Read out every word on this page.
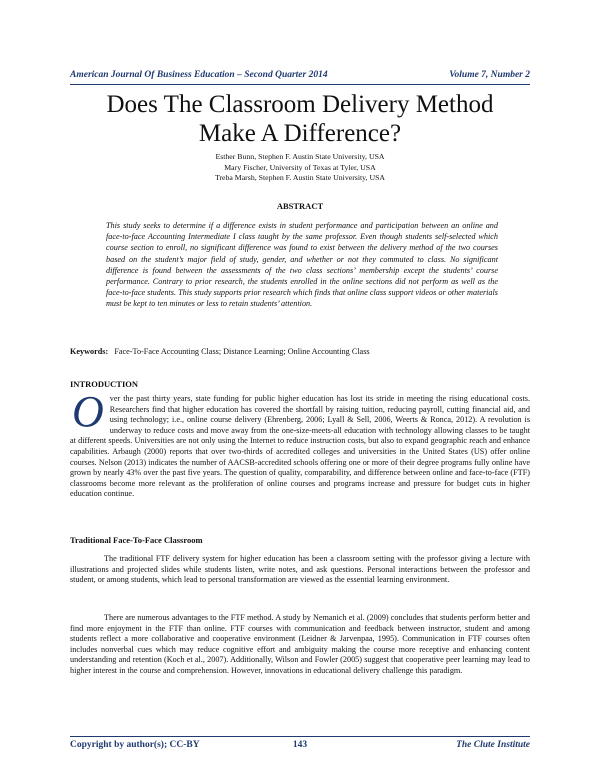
American Journal Of Business Education – Second Quarter 2014	Volume 7, Number 2
Does The Classroom Delivery Method
Make A Difference?
Esther Bunn, Stephen F. Austin State University, USA
Mary Fischer, University of Texas at Tyler, USA
Treba Marsh, Stephen F. Austin State University, USA
ABSTRACT
This study seeks to determine if a difference exists in student performance and participation between an online and face-to-face Accounting Intermediate I class taught by the same professor. Even though students self-selected which course section to enroll, no significant difference was found to exist between the delivery method of the two courses based on the student’s major field of study, gender, and whether or not they commuted to class. No significant difference is found between the assessments of the two class sections’ membership except the students’ course performance. Contrary to prior research, the students enrolled in the online sections did not perform as well as the face-to-face students. This study supports prior research which finds that online class support videos or other materials must be kept to ten minutes or less to retain students’ attention.
Keywords: Face-To-Face Accounting Class; Distance Learning; Online Accounting Class
INTRODUCTION
Over the past thirty years, state funding for public higher education has lost its stride in meeting the rising educational costs. Researchers find that higher education has covered the shortfall by raising tuition, reducing payroll, cutting financial aid, and using technology; i.e., online course delivery (Ehrenberg, 2006; Lyall & Sell, 2006, Weerts & Ronca, 2012). A revolution is underway to reduce costs and move away from the one-size-meets-all education with technology allowing classes to be taught at different speeds. Universities are not only using the Internet to reduce instruction costs, but also to expand geographic reach and enhance capabilities. Arbaugh (2000) reports that over two-thirds of accredited colleges and universities in the United States (US) offer online courses. Nelson (2013) indicates the number of AACSB-accredited schools offering one or more of their degree programs fully online have grown by nearly 43% over the past five years. The question of quality, comparability, and difference between online and face-to-face (FTF) classrooms become more relevant as the proliferation of online courses and programs increase and pressure for budget cuts in higher education continue.
Traditional Face-To-Face Classroom
The traditional FTF delivery system for higher education has been a classroom setting with the professor giving a lecture with illustrations and projected slides while students listen, write notes, and ask questions. Personal interactions between the professor and student, or among students, which lead to personal transformation are viewed as the essential learning environment.
There are numerous advantages to the FTF method. A study by Nemanich et al. (2009) concludes that students perform better and find more enjoyment in the FTF than online. FTF courses with communication and feedback between instructor, student and among students reflect a more collaborative and cooperative environment (Leidner & Jarvenpaa, 1995). Communication in FTF courses often includes nonverbal cues which may reduce cognitive effort and ambiguity making the course more receptive and enhancing content understanding and retention (Koch et al., 2007). Additionally, Wilson and Fowler (2005) suggest that cooperative peer learning may lead to higher interest in the course and comprehension. However, innovations in educational delivery challenge this paradigm.
Copyright by author(s); CC-BY	143	The Clute Institute
